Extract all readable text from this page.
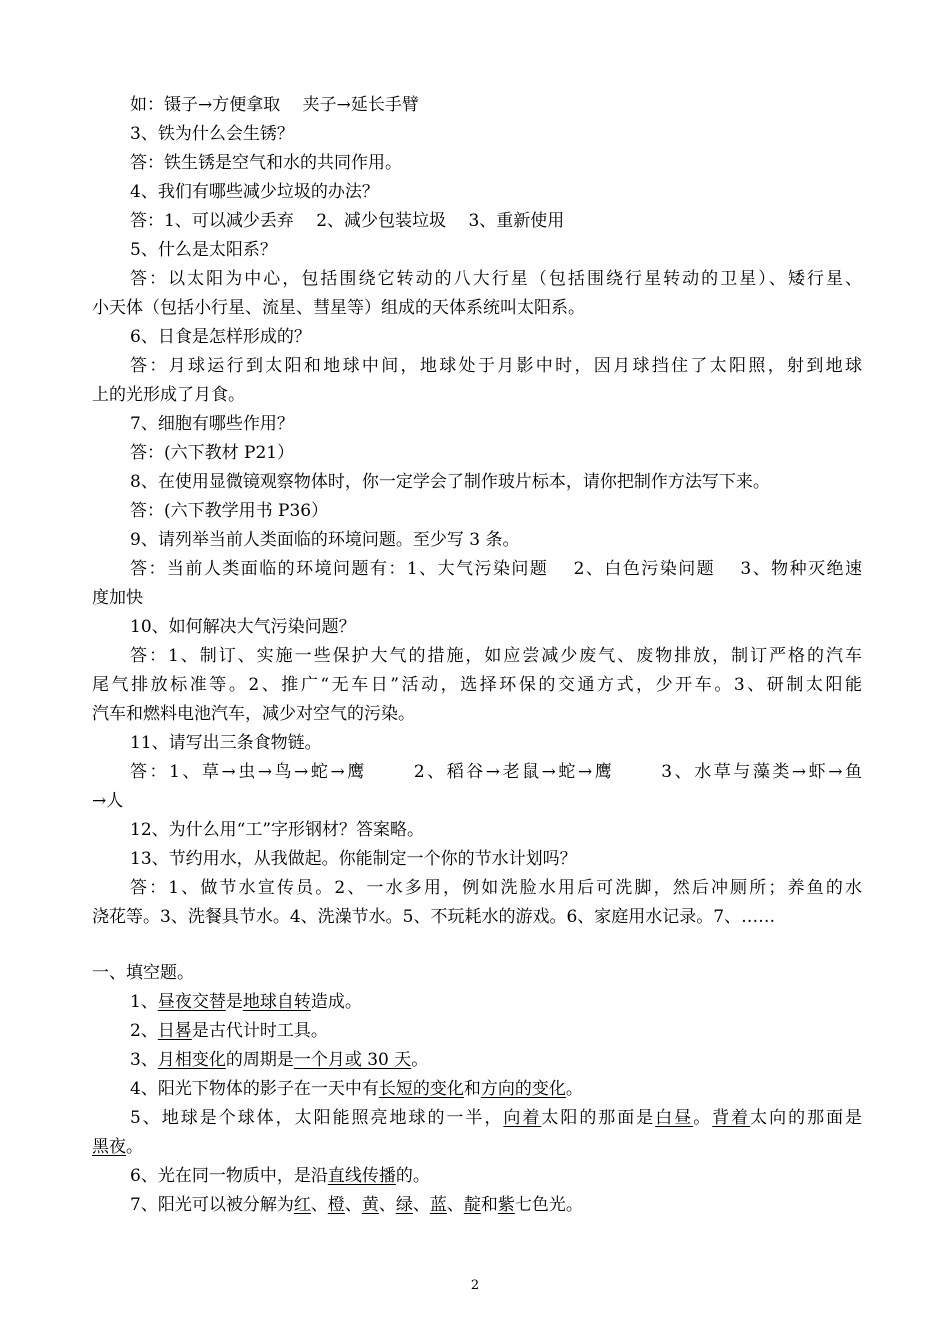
如：镊子→方便拿取　 夹子→延长手臂
3、铁为什么会生锈？
答：铁生锈是空气和水的共同作用。
4、我们有哪些减少垃圾的办法？
答：1、可以减少丢弃　 2、减少包装垃圾　 3、重新使用
5、什么是太阳系？
答：以太阳为中心，包括围绕它转动的八大行星（包括围绕行星转动的卫星）、矮行星、
小天体（包括小行星、流星、彗星等）组成的天体系统叫太阳系。
6、日食是怎样形成的？
答：月球运行到太阳和地球中间，地球处于月影中时，因月球挡住了太阳照，射到地球
上的光形成了月食。
7、细胞有哪些作用？
答：(六下教材 P21）
8、在使用显微镜观察物体时，你一定学会了制作玻片标本，请你把制作方法写下来。
答：(六下教学用书 P36）
9、请列举当前人类面临的环境问题。至少写 3 条。
答：当前人类面临的环境问题有：1、大气污染问题　 2、白色污染问题　 3、物种灭绝速
度加快
10、如何解决大气污染问题？
答：1、制订、实施一些保护大气的措施，如应尝减少废气、废物排放，制订严格的汽车
尾气排放标准等。2、推广“无车日”活动，选择环保的交通方式，少开车。3、研制太阳能
汽车和燃料电池汽车，减少对空气的污染。
11、请写出三条食物链。
答：1、草→虫→鸟→蛇→鹰　　 2、稻谷→老鼠→蛇→鹰　　 3、水草与藻类→虾→鱼
→人
12、为什么用“工”字形钢材？答案略。
13、节约用水，从我做起。你能制定一个你的节水计划吗？
答：1、做节水宣传员。2、一水多用，例如洗脸水用后可洗脚，然后冲厕所；养鱼的水
浇花等。3、洗餐具节水。4、洗澡节水。5、不玩耗水的游戏。6、家庭用水记录。7、……
一、填空题。
1、昼夜交替是地球自转造成。
2、日晷是古代计时工具。
3、月相变化的周期是一个月或 30 天。
4、阳光下物体的影子在一天中有长短的变化和方向的变化。
5、地球是个球体，太阳能照亮地球的一半，向着太阳的那面是白昼。背着太向的那面是
黑夜。
6、光在同一物质中，是沿直线传播的。
7、阳光可以被分解为红、橙、黄、绿、蓝、靛和紫七色光。
2
